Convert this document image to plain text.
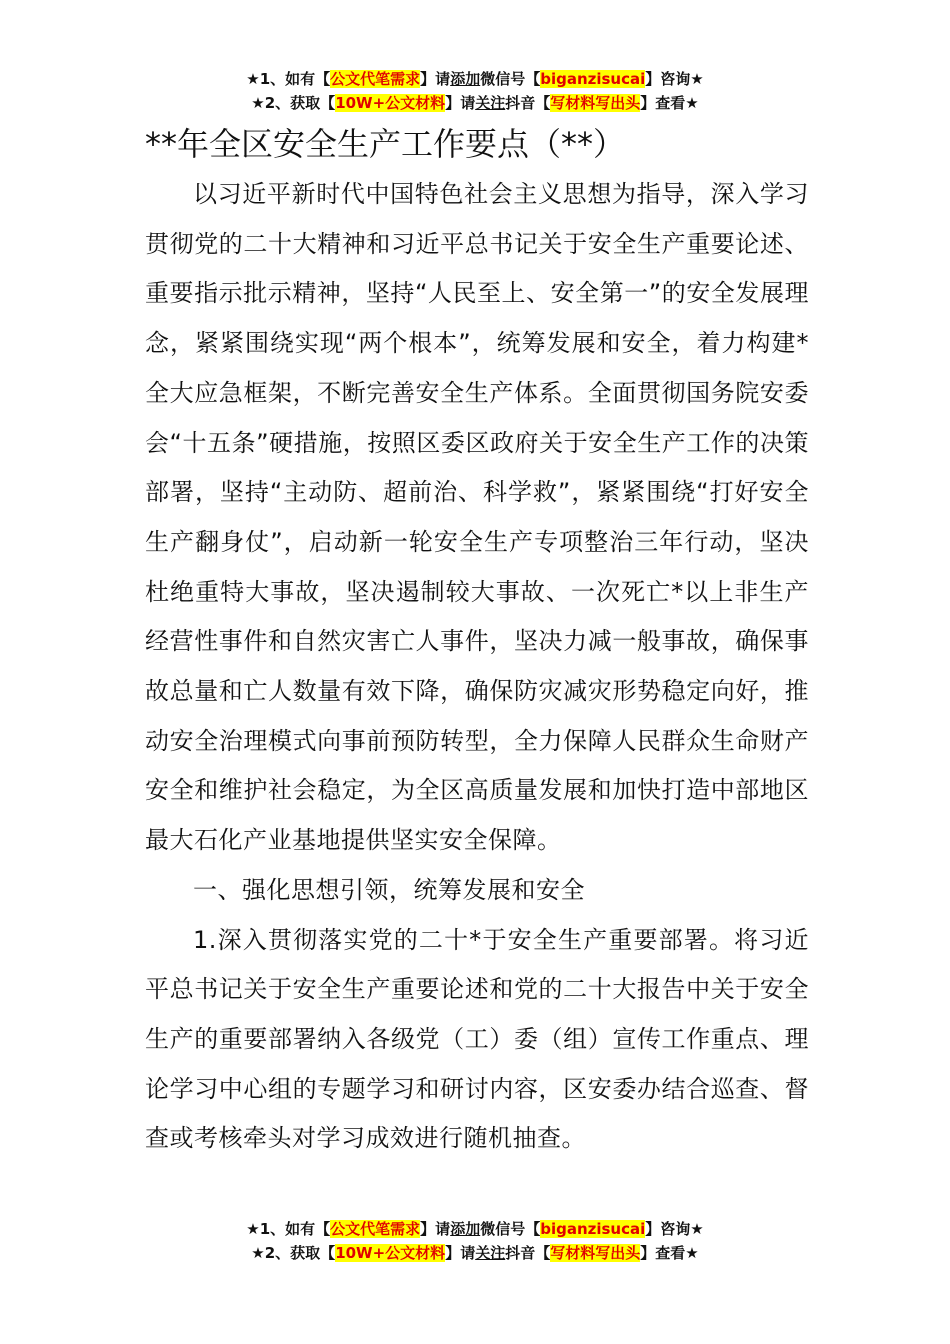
★1、如有【公文代笔需求】请添加微信号【biganzisucai】咨询★
★2、获取【10W+公文材料】请关注抖音【写材料写出头】查看★
**年全区安全生产工作要点（**）

以习近平新时代中国特色社会主义思想为指导，深入学习贯彻党的二十大精神和习近平总书记关于安全生产重要论述、重要指示批示精神，坚持“人民至上、安全第一”的安全发展理念，紧紧围绕实现“两个根本”，统筹发展和安全，着力构建*全大应急框架，不断完善安全生产体系。全面贯彻国务院安委会“十五条”硬措施，按照区委区政府关于安全生产工作的决策部署，坚持“主动防、超前治、科学救”，紧紧围绕“打好安全生产翻身仗”，启动新一轮安全生产专项整治三年行动，坚决杜绝重特大事故，坚决遏制较大事故、一次死亡*以上非生产经营性事件和自然灾害亡人事件，坚决力减一般事故，确保事故总量和亡人数量有效下降，确保防灾减灾形势稳定向好，推动安全治理模式向事前预防转型，全力保障人民群众生命财产安全和维护社会稳定，为全区高质量发展和加快打造中部地区最大石化产业基地提供坚实安全保障。

一、强化思想引领，统筹发展和安全

1.深入贯彻落实党的二十*于安全生产重要部署。将习近平总书记关于安全生产重要论述和党的二十大报告中关于安全生产的重要部署纳入各级党（工）委（组）宣传工作重点、理论学习中心组的专题学习和研讨内容，区安委办结合巡查、督查或考核牵头对学习成效进行随机抽查。

★1、如有【公文代笔需求】请添加微信号【biganzisucai】咨询★
★2、获取【10W+公文材料】请关注抖音【写材料写出头】查看★
